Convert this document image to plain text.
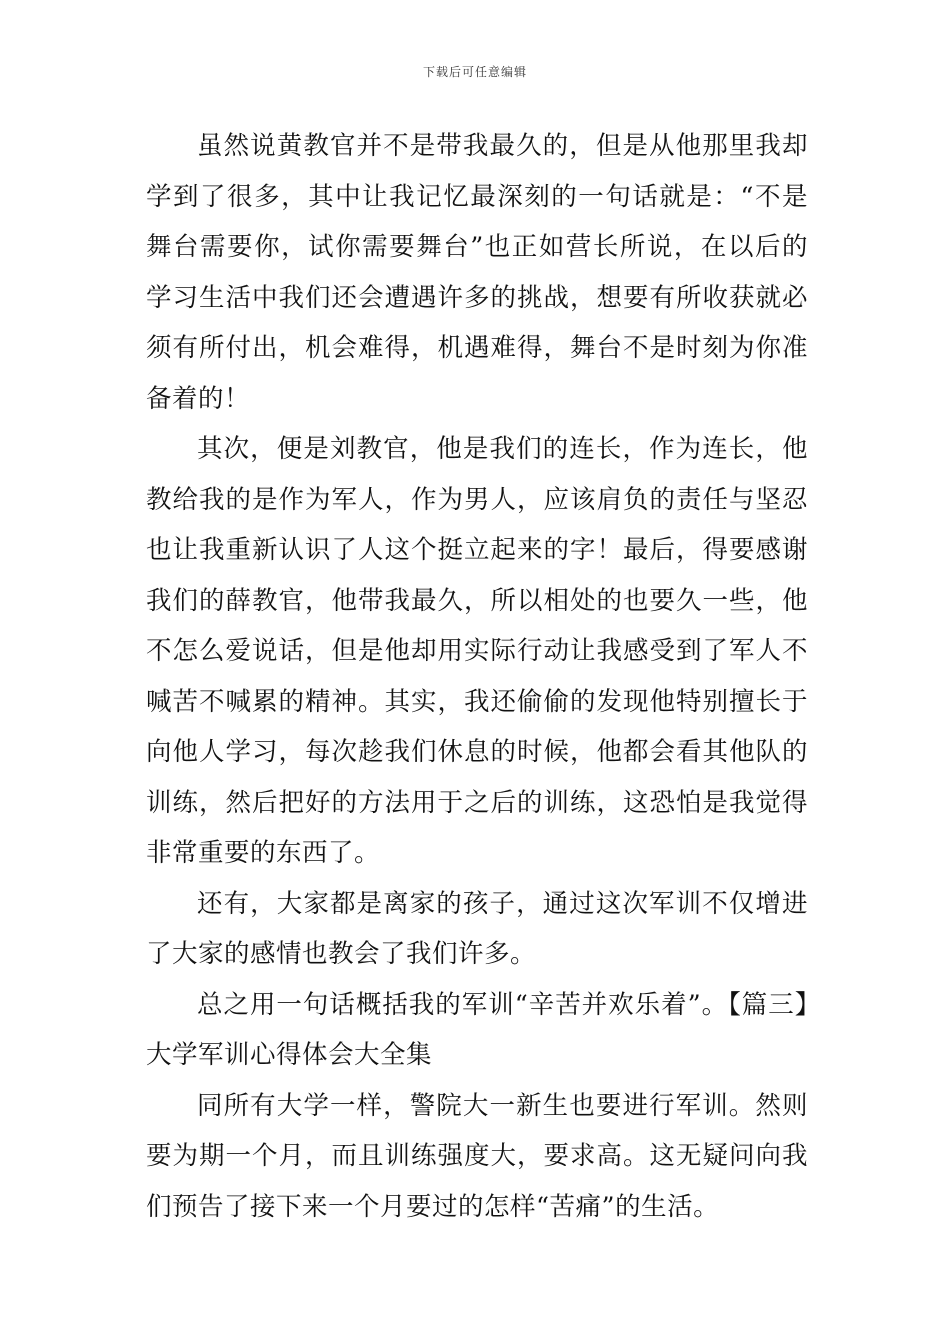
下载后可任意编辑

虽然说黄教官并不是带我最久的，但是从他那里我却学到了很多，其中让我记忆最深刻的一句话就是：“不是舞台需要你，试你需要舞台”也正如营长所说，在以后的学习生活中我们还会遭遇许多的挑战，想要有所收获就必须有所付出，机会难得，机遇难得，舞台不是时刻为你准备着的！

其次，便是刘教官，他是我们的连长，作为连长，他教给我的是作为军人，作为男人，应该肩负的责任与坚忍也让我重新认识了人这个挺立起来的字！最后，得要感谢我们的薛教官，他带我最久，所以相处的也要久一些，他不怎么爱说话，但是他却用实际行动让我感受到了军人不喊苦不喊累的精神。其实，我还偷偷的发现他特别擅长于向他人学习，每次趁我们休息的时候，他都会看其他队的训练，然后把好的方法用于之后的训练，这恐怕是我觉得非常重要的东西了。

还有，大家都是离家的孩子，通过这次军训不仅增进了大家的感情也教会了我们许多。

总之用一句话概括我的军训“辛苦并欢乐着”。【篇三】大学军训心得体会大全集

同所有大学一样，警院大一新生也要进行军训。然则要为期一个月，而且训练强度大，要求高。这无疑问向我们预告了接下来一个月要过的怎样“苦痛”的生活。
